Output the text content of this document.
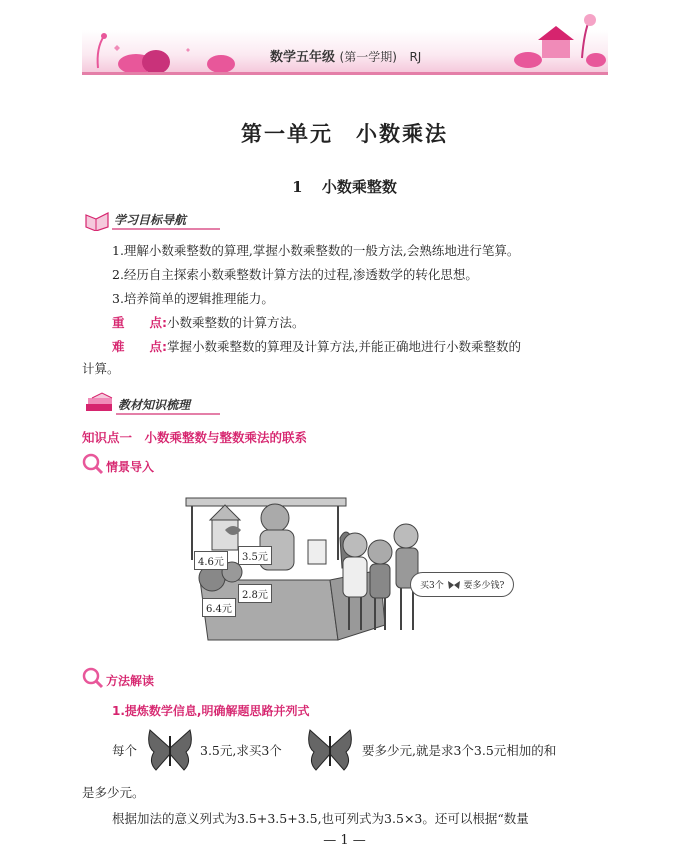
数学五年级 (第一学期) RJ
第一单元　小数乘法
1 小数乘整数
学习目标导航
1.理解小数乘整数的算理,掌握小数乘整数的一般方法,会熟练地进行笔算。
2.经历自主探索小数乘整数计算方法的过程,渗透数学的转化思想。
3.培养简单的逻辑推理能力。
重　　点:小数乘整数的计算方法。
难　　点:掌握小数乘整数的算理及计算方法,并能正确地进行小数乘整数的
计算。
教材知识梳理
知识点一　小数乘整数与整数乘法的联系
情景导入
4.6元	3.5元
2.8元
6.4元
买3个 要多少钱?
方法解读
1.提炼数学信息,明确解题思路并列式
每个	3.5元,求买3个	要多少元,就是求3个3.5元相加的和
是多少元。
根据加法的意义列式为3.5+3.5+3.5,也可列式为3.5×3。还可以根据“数量
— 1 —
